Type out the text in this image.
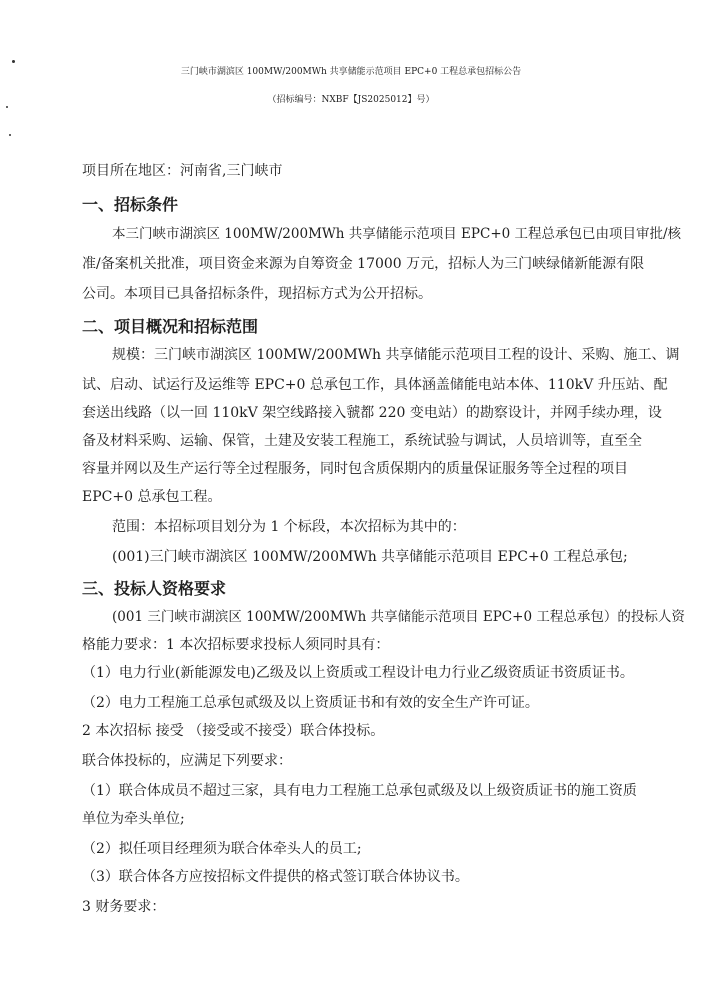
三门峡市湖滨区 100MW/200MWh 共享储能示范项目 EPC+0 工程总承包招标公告
（招标编号：NXBF【JS2025012】号）
项目所在地区：河南省,三门峡市
一、招标条件
本三门峡市湖滨区 100MW/200MWh 共享储能示范项目 EPC+0 工程总承包已由项目审批/核
准/备案机关批准，项目资金来源为自筹资金 17000 万元，招标人为三门峡绿储新能源有限
公司。本项目已具备招标条件，现招标方式为公开招标。
二、项目概况和招标范围
规模：三门峡市湖滨区 100MW/200MWh 共享储能示范项目工程的设计、采购、施工、调
试、启动、试运行及运维等 EPC+0 总承包工作，具体涵盖储能电站本体、110kV 升压站、配
套送出线路（以一回 110kV 架空线路接入虢都 220 变电站）的勘察设计，并网手续办理，设
备及材料采购、运输、保管，土建及安装工程施工，系统试验与调试，人员培训等，直至全
容量并网以及生产运行等全过程服务，同时包含质保期内的质量保证服务等全过程的项目
EPC+0 总承包工程。
范围：本招标项目划分为 1 个标段，本次招标为其中的：
(001)三门峡市湖滨区 100MW/200MWh 共享储能示范项目 EPC+0 工程总承包;
三、投标人资格要求
(001 三门峡市湖滨区 100MW/200MWh 共享储能示范项目 EPC+0 工程总承包）的投标人资
格能力要求：1 本次招标要求投标人须同时具有：
（1）电力行业(新能源发电)乙级及以上资质或工程设计电力行业乙级资质证书资质证书。
（2）电力工程施工总承包贰级及以上资质证书和有效的安全生产许可证。
2 本次招标 接受 （接受或不接受）联合体投标。
联合体投标的，应满足下列要求：
（1）联合体成员不超过三家，具有电力工程施工总承包贰级及以上级资质证书的施工资质
单位为牵头单位;
（2）拟任项目经理须为联合体牵头人的员工;
（3）联合体各方应按招标文件提供的格式签订联合体协议书。
3 财务要求：
